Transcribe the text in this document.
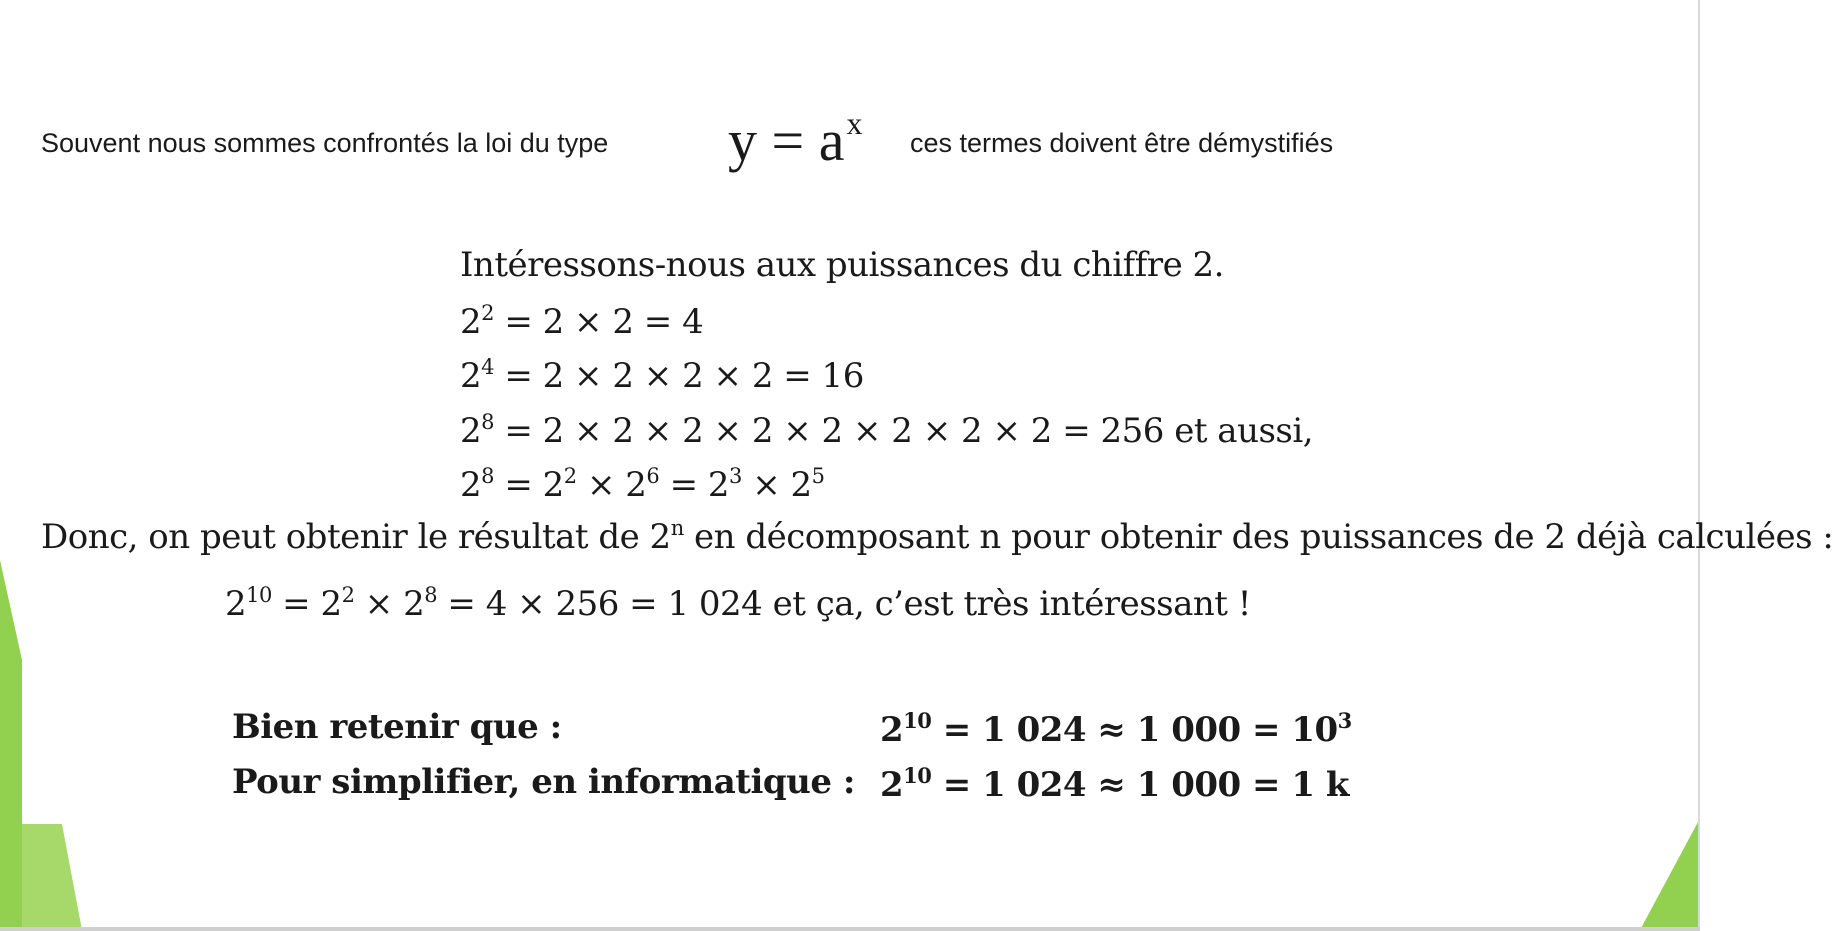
Souvent nous sommes confrontés la loi du type $y = a^x$
ces termes doivent être démystifiés
Intéressons-nous aux puissances du chiffre 2.
$2^2 = 2 \times 2 = 4$
$2^4 = 2 \times 2 \times 2 \times 2 = 16$
$2^8 = 2 \times 2 \times 2 \times 2 \times 2 \times 2 \times 2 \times 2 = 256$ et aussi,
$2^8 = 2^2 \times 2^6 = 2^3 \times 2^5$
Donc, on peut obtenir le résultat de 2$^n$ en décomposant n pour obtenir des puissances de 2 déjà calculées :
$2^{10} = 2^2 \times 2^8 = 4 \times 256 = 1$ 024 et ça, c’est très intéressant !
Bien retenir que :	$2^{10} = 1$ 024 ≈ 1 $000 = 10^3$
Pour simplifier, en informatique : $2^{10} = 1$ 024 ≈ 1 000 = 1 k
